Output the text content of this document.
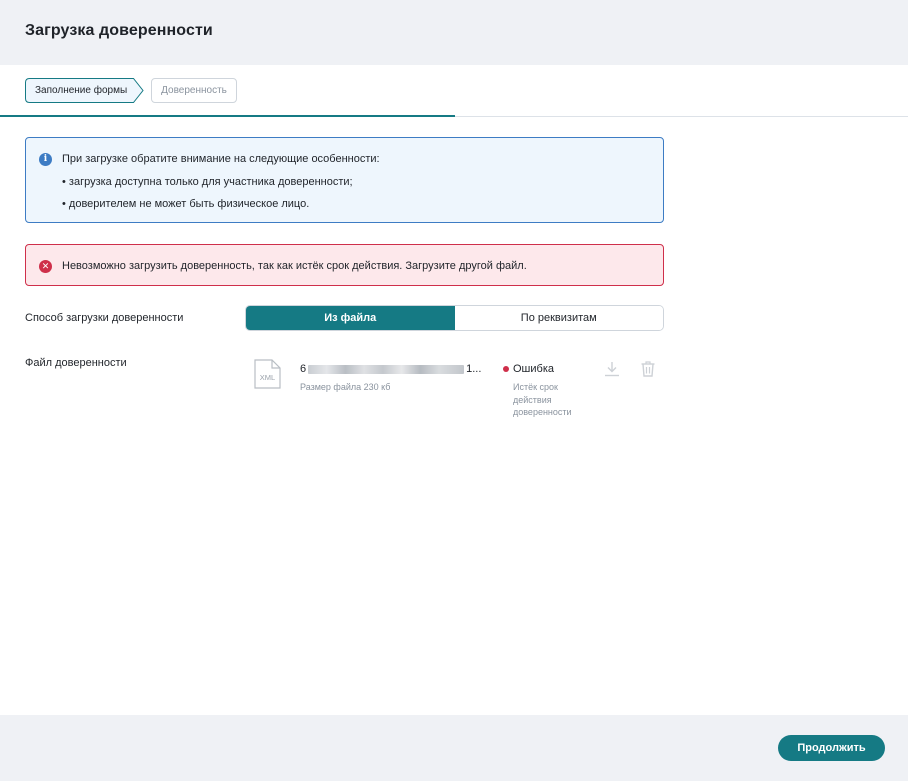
Загрузка доверенности
Заполнение формы	Доверенность
i	При загрузке обратите внимание на следующие особенности:
• загрузка доступна только для участника доверенности;
• доверителем не может быть физическое лицо.
✕ Невозможно загрузить доверенность, так как истёк срок действия. Загрузите другой файл.
Способ загрузки доверенности	Из файла	По реквизитам
Файл доверенности
XML
6	1...
Размер файла 230 кб
Ошибка
Истёк срок действия доверенности
Продолжить
